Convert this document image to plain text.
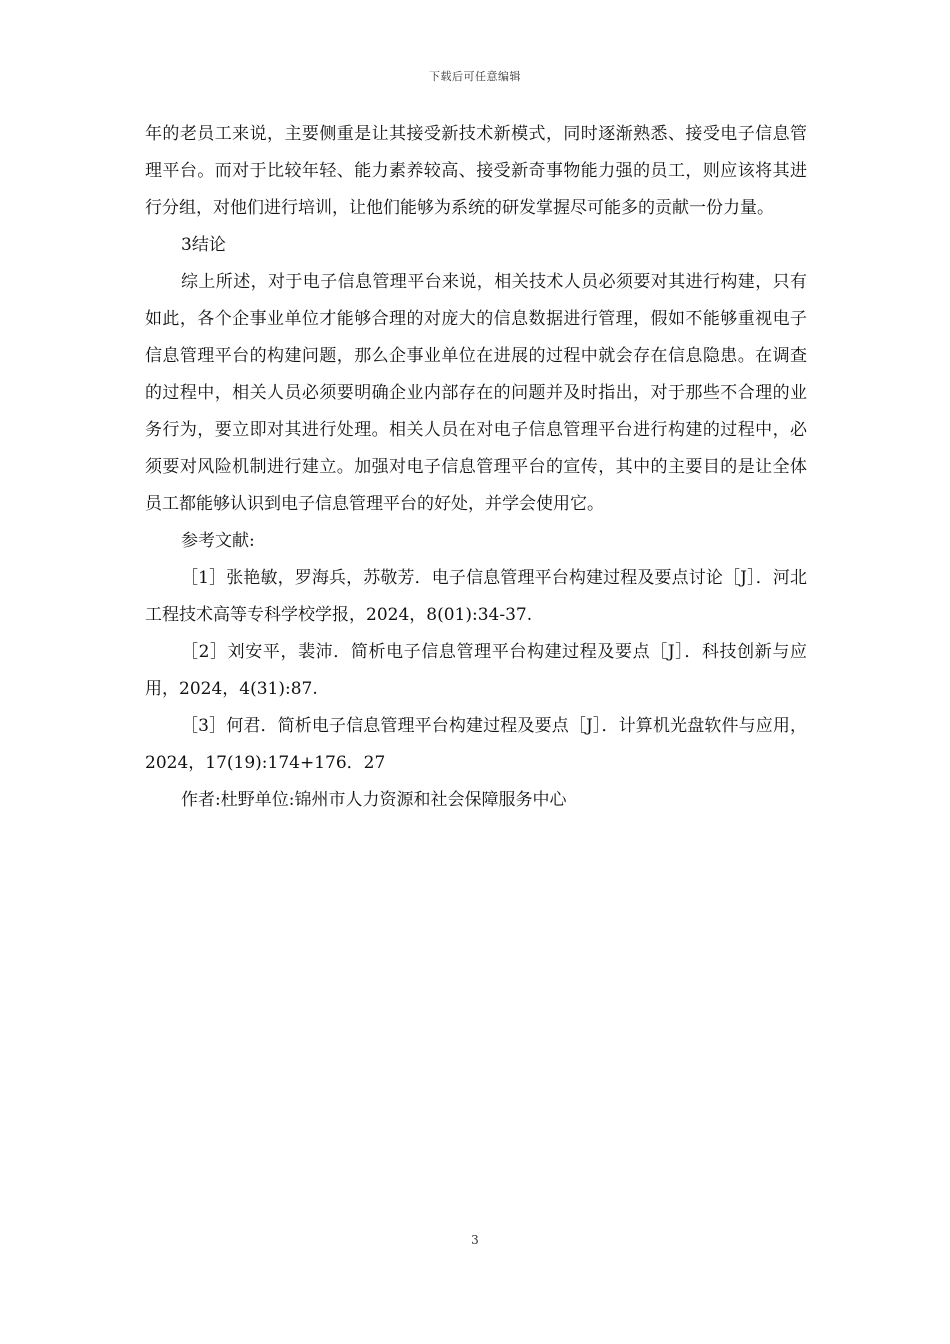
下载后可任意编辑

年的老员工来说，主要侧重是让其接受新技术新模式，同时逐渐熟悉、接受电子信息管理平台。而对于比较年轻、能力素养较高、接受新奇事物能力强的员工，则应该将其进行分组，对他们进行培训，让他们能够为系统的研发掌握尽可能多的贡献一份力量。

3结论

综上所述，对于电子信息管理平台来说，相关技术人员必须要对其进行构建，只有如此，各个企事业单位才能够合理的对庞大的信息数据进行管理，假如不能够重视电子信息管理平台的构建问题，那么企事业单位在进展的过程中就会存在信息隐患。在调查的过程中，相关人员必须要明确企业内部存在的问题并及时指出，对于那些不合理的业务行为，要立即对其进行处理。相关人员在对电子信息管理平台进行构建的过程中，必须要对风险机制进行建立。加强对电子信息管理平台的宣传，其中的主要目的是让全体员工都能够认识到电子信息管理平台的好处，并学会使用它。

参考文献:

［1］张艳敏，罗海兵，苏敬芳．电子信息管理平台构建过程及要点讨论［J］．河北工程技术高等专科学校学报，2024，8(01):34-37.

［2］刘安平，裴沛．简析电子信息管理平台构建过程及要点［J］．科技创新与应用，2024，4(31):87.

［3］何君．简析电子信息管理平台构建过程及要点［J］．计算机光盘软件与应用，2024，17(19):174+176．27

作者:杜野单位:锦州市人力资源和社会保障服务中心

3
